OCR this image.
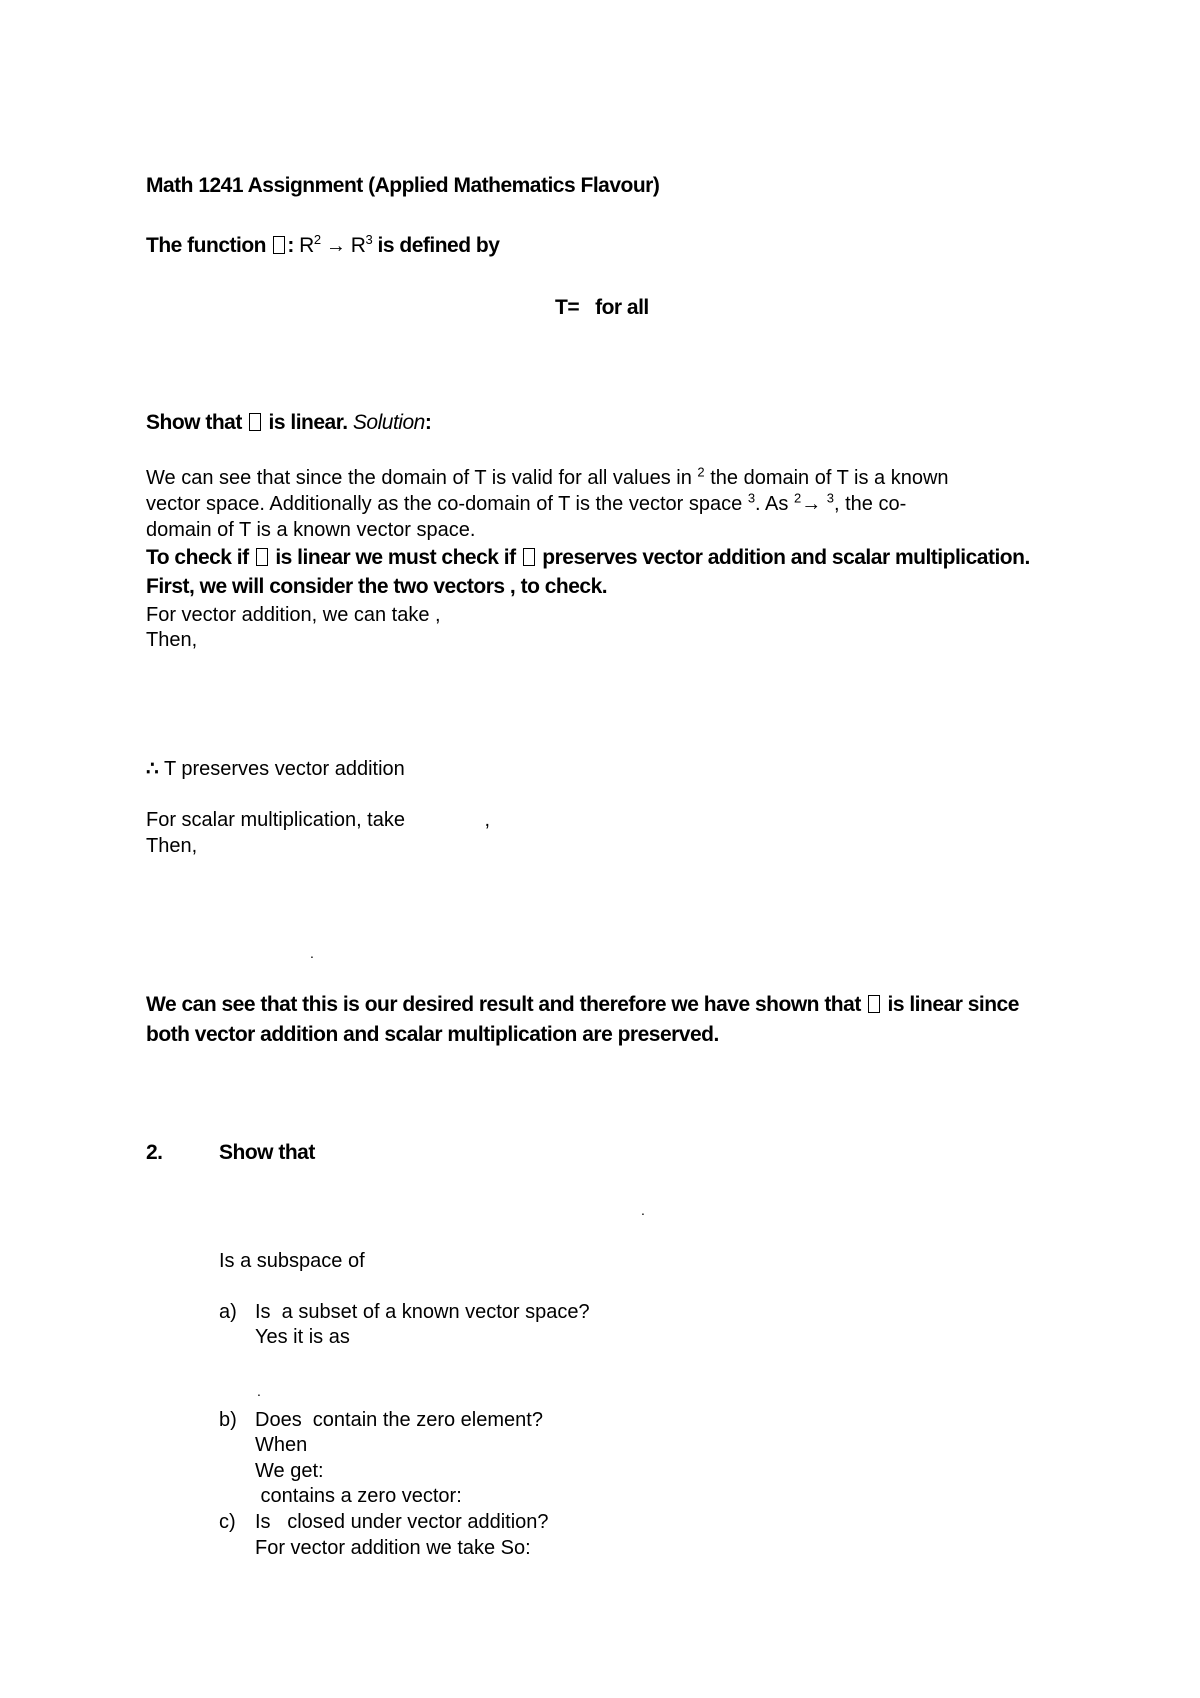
Math 1241 Assignment (Applied Mathematics Flavour)

The function : $R^2 \to R^3$ is defined by

T=   for all

Show that is linear. Solution:

We can see that since the domain of T is valid for all values in $^2$ the domain of T is a known

vector space. Additionally as the co-domain of T is the vector space $^3$. As $^2$→ $^3$, the co-

domain of T is a known vector space.

To check if is linear we must check if preserves vector addition and scalar multiplication.

First, we will consider the two vectors , to check.

For vector addition, we can take ,

Then,

∴ T preserves vector addition

For scalar multiplication, take	,

Then,

.

We can see that this is our desired result and therefore we have shown that is linear since

both vector addition and scalar multiplication are preserved.

2.	Show that

.

Is a subspace of

a) Is  a subset of a known vector space?

Yes it is as

.

b) Does  contain the zero element?

When

We get:

contains a zero vector:

c) Is   closed under vector addition?

For vector addition we take So:
